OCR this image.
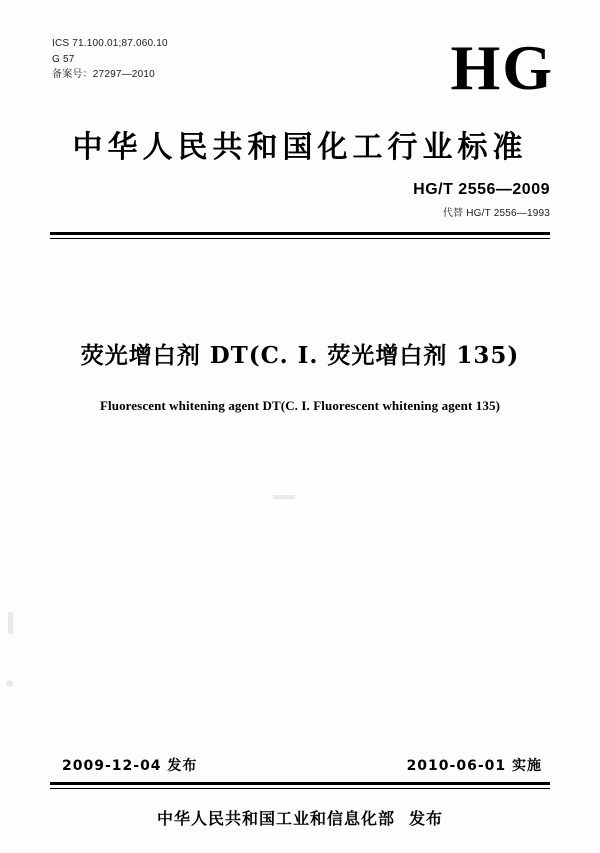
ICS 71.100.01;87.060.10
G 57
备案号：27297—2010	HG
中华人民共和国化工行业标准
HG/T 2556—2009
代替 HG/T 2556—1993
荧光增白剂 DT(C. I. 荧光增白剂 135)
Fluorescent whitening agent DT(C. I. Fluorescent whitening agent 135)
2009-12-04 发布	2010-06-01 实施
中华人民共和国工业和信息化部 发布
